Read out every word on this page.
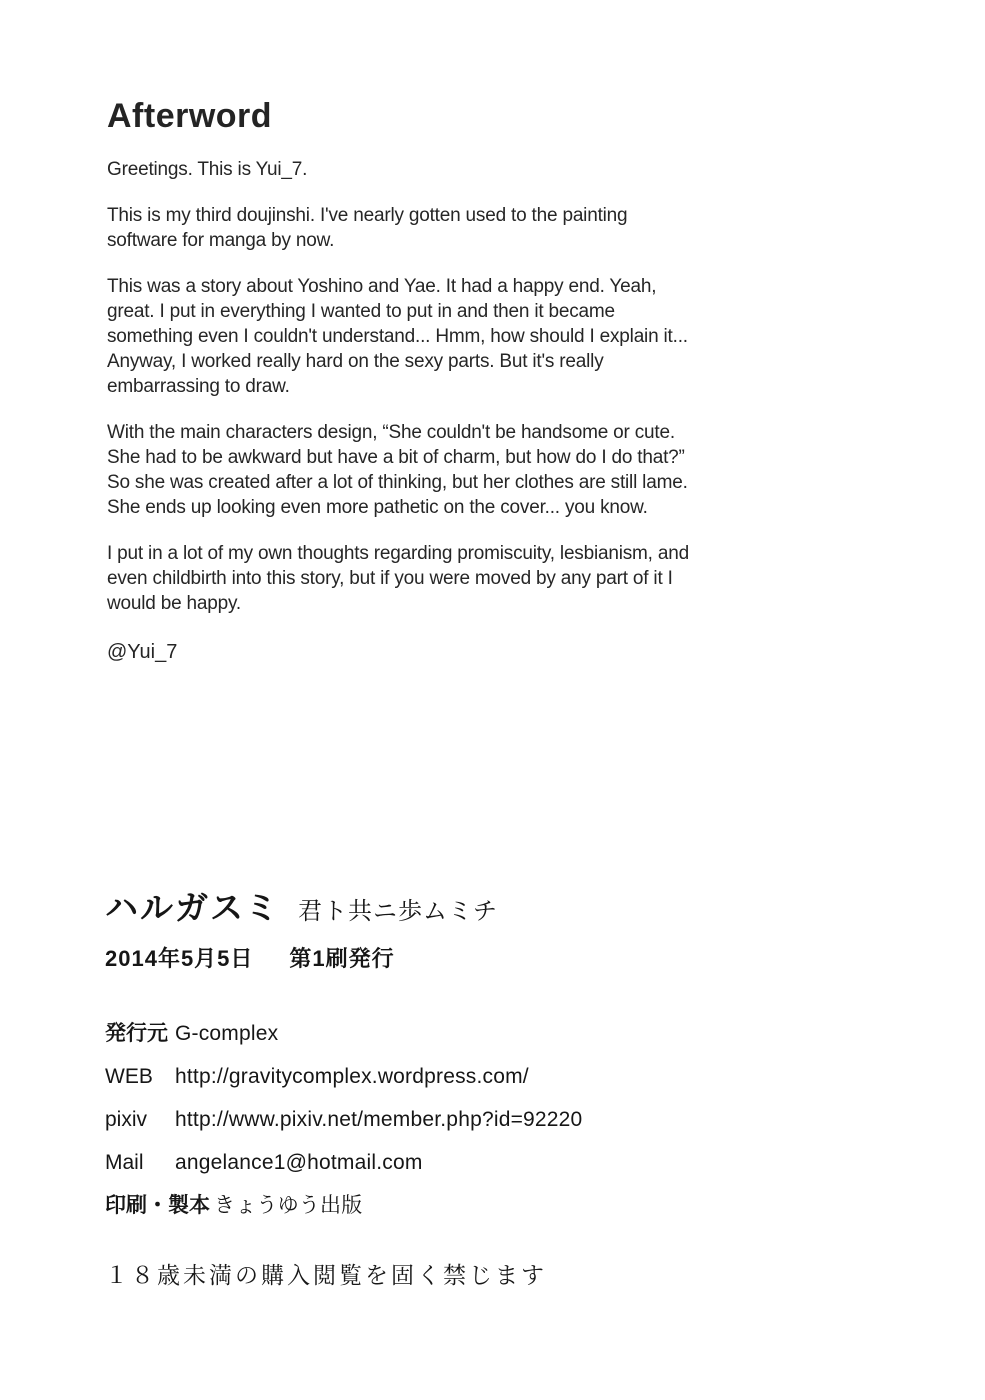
Afterword

Greetings. This is Yui_7.

This is my third doujinshi. I've nearly gotten used to the painting software for manga by now.

This was a story about Yoshino and Yae. It had a happy end. Yeah, great. I put in everything I wanted to put in and then it became something even I couldn't understand... Hmm, how should I explain it... Anyway, I worked really hard on the sexy parts. But it's really embarrassing to draw.

With the main characters design, “She couldn't be handsome or cute. She had to be awkward but have a bit of charm, but how do I do that?” So she was created after a lot of thinking, but her clothes are still lame. She ends up looking even more pathetic on the cover... you know.

I put in a lot of my own thoughts regarding promiscuity, lesbianism, and even childbirth into this story, but if you were moved by any part of it I would be happy.

@Yui_7

ハルガスミ 君ト共ニ歩ムミチ
2014年5月5日 第1刷発行
発行元 G-complex
WEB	http://gravitycomplex.wordpress.com/
pixiv	http://www.pixiv.net/member.php?id=92220
Mail	angelance1@hotmail.com
印刷・製本 きょうゆう出版

１８歳未満の購入閲覧を固く禁じます
